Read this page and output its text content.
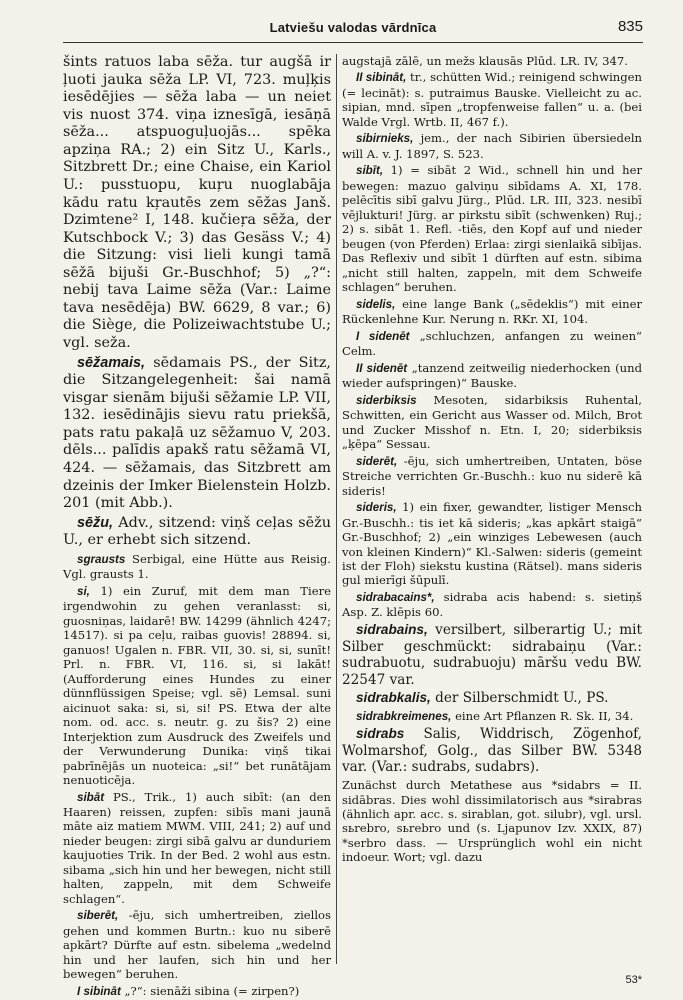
Latviešu valodas vārdnīca	835

šints ratuos laba sēža. tur augšā ir ļuoti jauka sēža LP. VI, 723. muļķis iesēdējies — sēža laba — un neiet vis nuost 374. viņa iznesīgā, iesāņā sēža... atspuoguļuojās... spēka apziņa RA.; 2) ein Sitz U., Karls., Sitzbrett Dr.; eine Chaise, ein Kariol U.: pusstuopu, kuŗu nuoglabāja kādu ratu kŗautēs zem sēžas Janš. Dzimtene² I, 148. kučieŗa sēža, der Kutschbock V.; 3) das Gesäss V.; 4) die Sitzung: visi lieli kungi tamā sēžā bijuši Gr.-Buschhof; 5) „?“: nebij tava Laime sēža (Var.: Laime tava nesēdēja) BW. 6629, 8 var.; 6) die Siège, die Polizeiwachtstube U.; vgl. seža.

sēžamais, sēdamais PS., der Sitz, die Sitzangelegenheit: šai namā visgar sienām bijuši sēžamie LP. VII, 132. iesēdinājis sievu ratu priekšā, pats ratu pakaļā uz sēžamuo V, 203. dēls... palīdis apakš ratu sēžamā VI, 424. — sēžamais, das Sitzbrett am dzeinis der Imker Bielenstein Holzb. 201 (mit Abb.).

sēžu, Adv., sitzend: viņš ceļas sēžu U., er erhebt sich sitzend.

sgrausts Serbigal, eine Hütte aus Reisig. Vgl. grausts 1.

si, 1) ein Zuruf, mit dem man Tiere irgendwohin zu gehen veranlasst: si, guosniņas, laidarē! BW. 14299 (ähnlich 4247; 14517). si pa ceļu, raibas guovis! 28894. si, ganuos! Ugalen n. FBR. VII, 30. si, si, sunīt! Prl. n. FBR. VI, 116. si, si lakāt! (Aufforderung eines Hundes zu einer dünnflüssigen Speise; vgl. sē) Lemsal. suni aicinuot saka: si, si, si! PS. Etwa der alte nom. od. acc. s. neutr. g. zu šis? 2) eine Interjektion zum Ausdruck des Zweifels und der Verwunderung Dunika: viņš tikai pabrīnējās un nuoteica: „si!“ bet runātājam nenuoticēja.

sibāt PS., Trik., 1) auch sibīt: (an den Haaren) reissen, zupfen: sibīs mani jaunā māte aiz matiem MWM. VIII, 241; 2) auf und nieder beugen: zirgi sibā galvu ar dunduriem kaujuoties Trik. In der Bed. 2 wohl aus estn. sibama „sich hin und her bewegen, nicht still halten, zappeln, mit dem Schweife schlagen“.

siberēt, -ēju, sich umhertreiben, ziellos gehen und kommen Burtn.: kuo nu siberē apkārt? Dürfte auf estn. sibelema „wedelnd hin und her laufen, sich hin und her bewegen“ beruhen.

I sibināt „?“: sienāži sibina (= zirpen?)

augstajā zālē, un mežs klausās Plūd. LR. IV, 347.

II sibināt, tr., schütten Wid.; reinigend schwingen (= lecināt): s. putraimus Bauske. Vielleicht zu ac. sipian, mnd. sīpen „tropfenweise fallen“ u. a. (bei Walde Vrgl. Wrtb. II, 467 f.).

sibirnieks, jem., der nach Sibirien übersiedeln will A. v. J. 1897, S. 523.

sibīt, 1) = sibāt 2 Wid., schnell hin und her bewegen: mazuo galviņu sibīdams A. XI, 178. pelēcītis sibī galvu Jürg., Plūd. LR. III, 323. nesibī vējlukturi! Jürg. ar pirkstu sibīt (schwenken) Ruj.; 2) s. sibāt 1. Refl. -tiēs, den Kopf auf und nieder beugen (von Pferden) Erlaa: zirgi sienlaikā sibījas. Das Reflexiv und sibīt 1 dürften auf estn. sibima „nicht still halten, zappeln, mit dem Schweife schlagen“ beruhen.

sidelis, eine lange Bank („sēdeklis“) mit einer Rückenlehne Kur. Nerung n. RKr. XI, 104.

I sidenēt „schluchzen, anfangen zu weinen“ Celm.

II sidenēt „tanzend zeitweilig niederhocken (und wieder aufspringen)“ Bauske.

siderbiksis Mesoten, sidarbiksis Ruhental, Schwitten, ein Gericht aus Wasser od. Milch, Brot und Zucker Misshof n. Etn. I, 20; siderbiksis „ķēpa“ Sessau.

siderēt, -ēju, sich umhertreiben, Untaten, böse Streiche verrichten Gr.-Buschh.: kuo nu siderē kā sideris!

sideris, 1) ein fixer, gewandter, listiger Mensch Gr.-Buschh.: tis iet kā sideris; „kas apkārt staigā“ Gr.-Buschhof; 2) „ein winziges Lebewesen (auch von kleinen Kindern)“ Kl.-Salwen: sideris (gemeint ist der Floh) siekstu kustina (Rätsel). mans sideris gul mierīgi šūpulī.

sidrabacains*, sidraba acis habend: s. sietiņš Asp. Z. klēpis 60.

sidrabains, versilbert, silberartig U.; mit Silber geschmückt: sidrabaiņu (Var.: sudrabuotu, sudrabuoju) māršu vedu BW. 22547 var.

sidrabkalis, der Silberschmidt U., PS.

sidrabkreimenes, eine Art Pflanzen R. Sk. II, 34.

sidrabs Salis, Widdrisch, Zögenhof, Wolmarshof, Golg., das Silber BW. 5348 var. (Var.: sudrabs, sudabrs).

Zunächst durch Metathese aus *sidabrs = II. sidābras. Dies wohl dissimilatorisch aus *sirabras (ähnlich apr. acc. s. sirablan, got. silubr), vgl. ursl. sьrebro, sьrebro und (s. Ljapunov Izv. XXIX, 87) *serbro dass. — Ursprünglich wohl ein nicht indoeur. Wort; vgl. dazu

53*
